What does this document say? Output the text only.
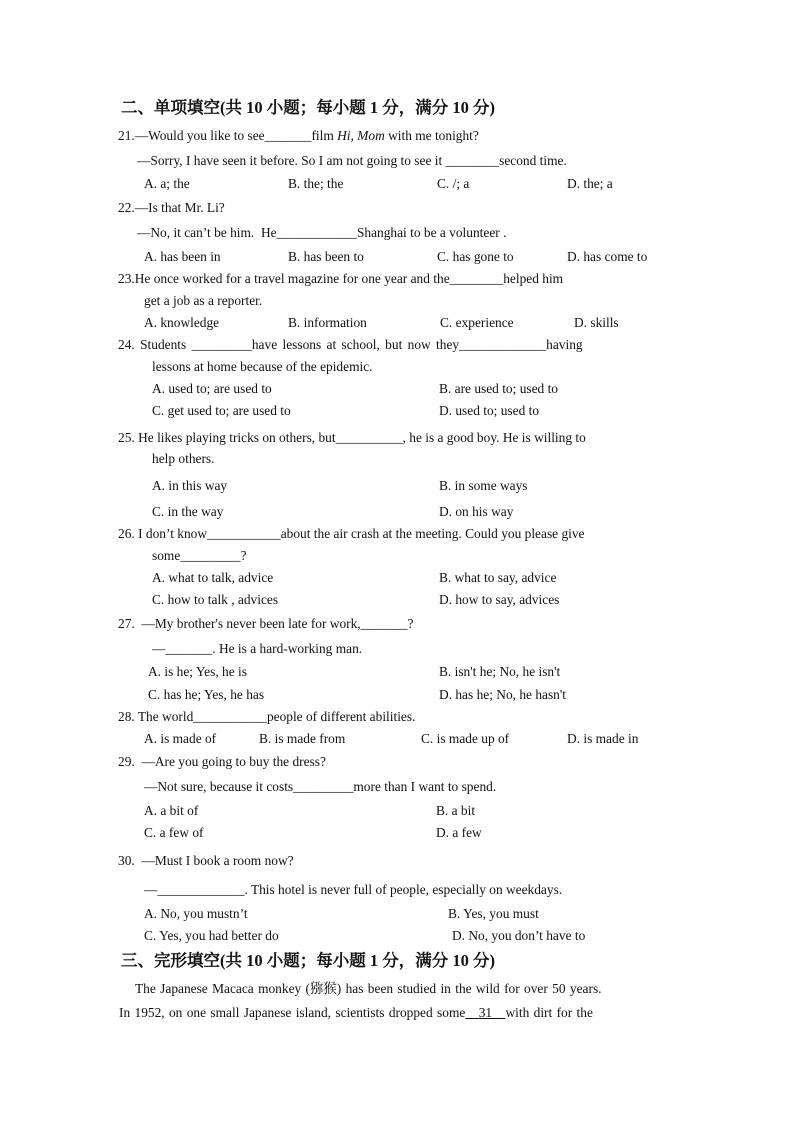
二、单项填空(共 10 小题；每小题 1 分，满分 10 分)
21.—Would you like to see_______film Hi, Mom with me tonight?
—Sorry, I have seen it before. So I am not going to see it ________second time.
A. a; the	B. the; the	C. /; a	D. the; a
22.—Is that Mr. Li?
—No, it can’t be him.  He____________Shanghai to be a volunteer .
A. has been in	B. has been to	C. has gone to	D. has come to
23.He once worked for a travel magazine for one year and the________helped him
get a job as a reporter.
A. knowledge	B. information	C. experience	D. skills
24. Students _________have lessons at school, but now they_____________having
lessons at home because of the epidemic.
A. used to; are used to	B. are used to; used to
C. get used to; are used to	D. used to; used to
25. He likes playing tricks on others, but__________, he is a good boy. He is willing to
help others.
A. in this way	B. in some ways
C. in the way	D. on his way
26. I don’t know___________about the air crash at the meeting. Could you please give
some_________?
A. what to talk, advice	B. what to say, advice
C. how to talk , advices	D. how to say, advices
27. —My brother's never been late for work,_______?
—_______. He is a hard-working man.
A. is he; Yes, he is	B. isn't he; No, he isn't
C. has he; Yes, he has	D. has he; No, he hasn't
28. The world___________people of different abilities.
A. is made of	B. is made from	C. is made up of	D. is made in
29. —Are you going to buy the dress?
—Not sure, because it costs_________more than I want to spend.
A. a bit of	B. a bit
C. a few of	D. a few
30. —Must I book a room now?
—_____________. This hotel is never full of people, especially on weekdays.
A. No, you mustn’t	B. Yes, you must
C. Yes, you had better do	D. No, you don’t have to
三、完形填空(共 10 小题；每小题 1 分，满分 10 分)
The Japanese Macaca monkey (猕猴) has been studied in the wild for over 50 years.
In 1952, on one small Japanese island, scientists dropped some   31   with dirt for the
